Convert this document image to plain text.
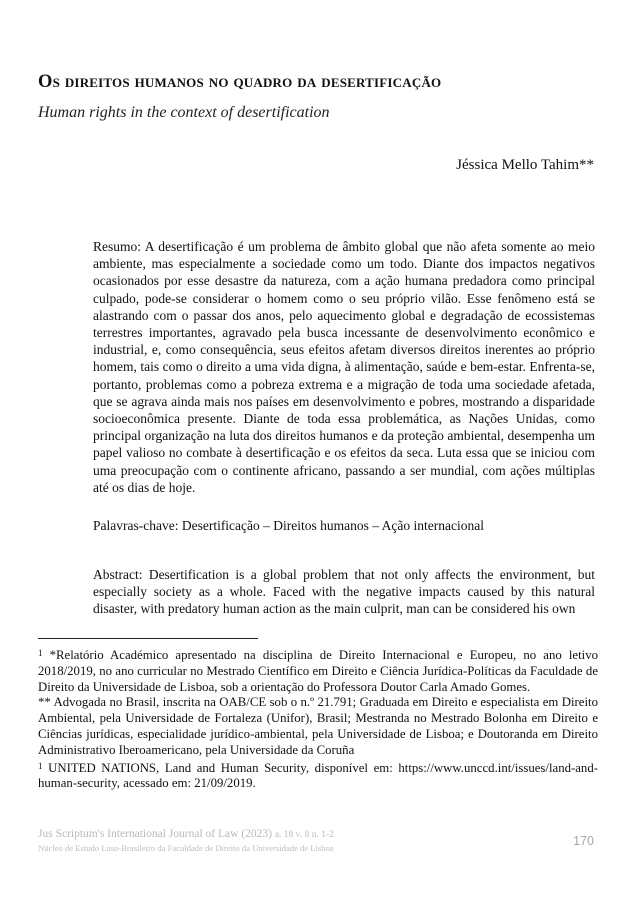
Os direitos humanos no quadro da desertificação
Human rights in the context of desertification
Jéssica Mello Tahim**

Resumo: A desertificação é um problema de âmbito global que não afeta somente ao meio ambiente, mas especialmente a sociedade como um todo. Diante dos impactos negativos ocasionados por esse desastre da natureza, com a ação humana predadora como principal culpado, pode-se considerar o homem como o seu próprio vilão. Esse fenômeno está se alastrando com o passar dos anos, pelo aquecimento global e degradação de ecossistemas terrestres importantes, agravado pela busca incessante de desenvolvimento econômico e industrial, e, como consequência, seus efeitos afetam diversos direitos inerentes ao próprio homem, tais como o direito a uma vida digna, à alimentação, saúde e bem-estar. Enfrenta-se, portanto, problemas como a pobreza extrema e a migração de toda uma sociedade afetada, que se agrava ainda mais nos países em desenvolvimento e pobres, mostrando a disparidade socioeconômica presente. Diante de toda essa problemática, as Nações Unidas, como principal organização na luta dos direitos humanos e da proteção ambiental, desempenha um papel valioso no combate à desertificação e os efeitos da seca. Luta essa que se iniciou com uma preocupação com o continente africano, passando a ser mundial, com ações múltiplas até os dias de hoje.

Palavras-chave: Desertificação – Direitos humanos – Ação internacional
Abstract: Desertification is a global problem that not only affects the environment, but especially society as a whole. Faced with the negative impacts caused by this natural disaster, with predatory human action as the main culprit, man can be considered his own

$^1$ *Relatório Académico apresentado na disciplina de Direito Internacional e Europeu, no ano letivo 2018/2019, no ano curricular no Mestrado Científico em Direito e Ciência Jurídica-Políticas da Faculdade de Direito da Universidade de Lisboa, sob a orientação do Professora Doutor Carla Amado Gomes.

** Advogada no Brasil, inscrita na OAB/CE sob o n.º 21.791; Graduada em Direito e especialista em Direito Ambiental, pela Universidade de Fortaleza (Unifor), Brasil; Mestranda no Mestrado Bolonha em Direito e Ciências jurídicas, especialidade jurídico-ambiental, pela Universidade de Lisboa; e Doutoranda em Direito Administrativo Iberoamericano, pela Universidade da Coruña

$^1$ UNITED NATIONS, Land and Human Security, disponível em: https://www.unccd.int/issues/land-and-human-security, acessado em: 21/09/2019.

Jus Scriptum's International Journal of Law (2023) a. 18 v. 8 n. 1-2
Núcleo de Estudo Luso-Brasileiro da Faculdade de Direito da Universidade de Lisboa	170
